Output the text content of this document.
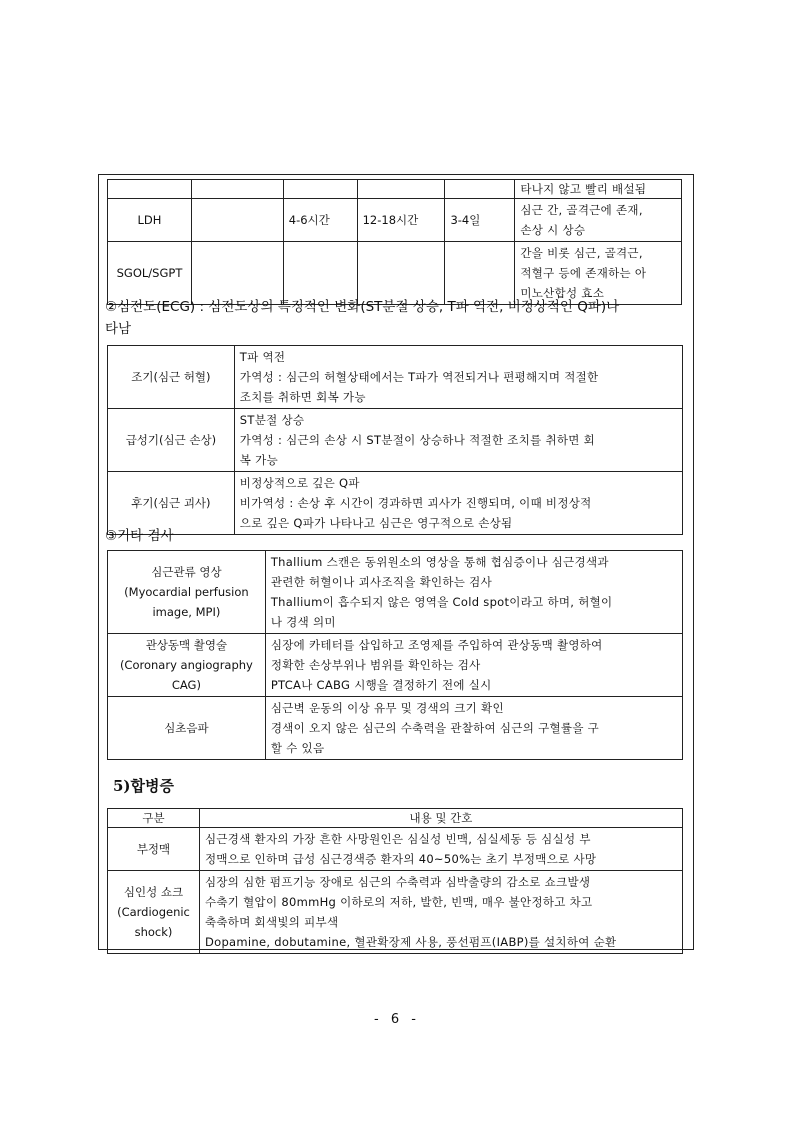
					타나지 않고 빨리 배설됨

LDH		4-6시간	12-18시간	3-4일	심근 간, 골격근에 존재,
손상 시 상승

SGOL/SGPT					간을 비롯 심근, 골격근,
적혈구 등에 존재하는 아
미노산합성 효소
②심전도(ECG) : 심전도상의 특징적인 변화(ST분절 상승, T파 역전, 비정상적인 Q파)나
타남
조기(심근 허혈)	T파 역전
가역성 : 심근의 허혈상태에서는 T파가 역전되거나 편평해지며 적절한
조치를 취하면 회복 가능

급성기(심근 손상)	ST분절 상승
가역성 : 심근의 손상 시 ST분절이 상승하나 적절한 조치를 취하면 회
복 가능

후기(심근 괴사)	비정상적으로 깊은 Q파
비가역성 : 손상 후 시간이 경과하면 괴사가 진행되며, 이때 비정상적
으로 깊은 Q파가 나타나고 심근은 영구적으로 손상됨
③기타 검사
심근관류 영상
(Myocardial perfusion
image, MPI)	Thallium 스캔은 동위원소의 영상을 통해 협심증이나 심근경색과
관련한 허혈이나 괴사조직을 확인하는 검사
Thallium이 흡수되지 않은 영역을 Cold spot이라고 하며, 허혈이
나 경색 의미

관상동맥 촬영술
(Coronary angiography
CAG)	심장에 카테터를 삽입하고 조영제를 주입하여 관상동맥 촬영하여
정확한 손상부위나 범위를 확인하는 검사
PTCA나 CABG 시행을 결정하기 전에 실시

심초음파	심근벽 운동의 이상 유무 및 경색의 크기 확인
경색이 오지 않은 심근의 수축력을 관찰하여 심근의 구혈률을 구
할 수 있음
5)합병증
구분	내용 및 간호

부정맥	심근경색 환자의 가장 흔한 사망원인은 심실성 빈맥, 심실세동 등 심실성 부
정맥으로 인하며 급성 심근경색증 환자의 40~50%는 초기 부정맥으로 사망

심인성 쇼크
(Cardiogenic
shock)	심장의 심한 펌프기능 장애로 심근의 수축력과 심박출량의 감소로 쇼크발생
수축기 혈압이 80mmHg 이하로의 저하, 발한, 빈맥, 매우 불안정하고 차고
축축하며 회색빛의 피부색
Dopamine, dobutamine, 혈관확장제 사용, 풍선펌프(IABP)를 설치하여 순환
- 6 -
